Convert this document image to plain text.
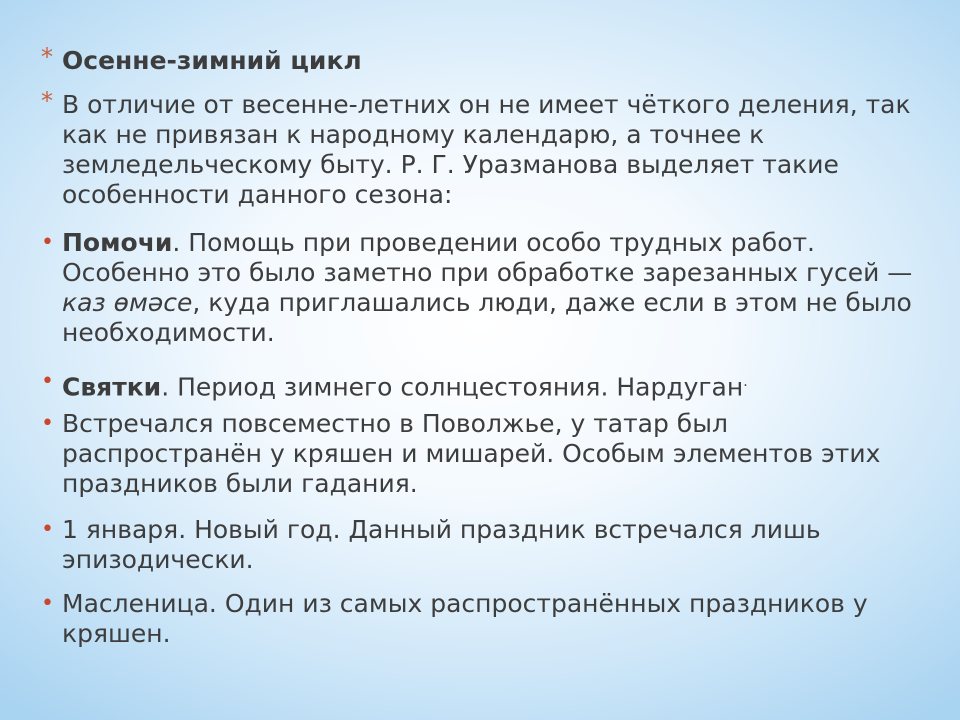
* Осенне-зимний цикл

* В отличие от весенне-летних он не имеет чёткого деления, так как не привязан к народному календарю, а точнее к земледельческому быту. Р. Г. Уразманова выделяет такие особенности данного сезона:

• Помочи. Помощь при проведении особо трудных работ. Особенно это было заметно при обработке зарезанных гусей — каз өмәсе, куда приглашались люди, даже если в этом не было необходимости.

• Святки. Период зимнего солнцестояния. Нардуган.

• Встречался повсеместно в Поволжье, у татар был распространён у кряшен и мишарей. Особым элементов этих праздников были гадания.

• 1 января. Новый год. Данный праздник встречался лишь эпизодически.

• Масленица. Один из самых распространённых праздников у кряшен.
